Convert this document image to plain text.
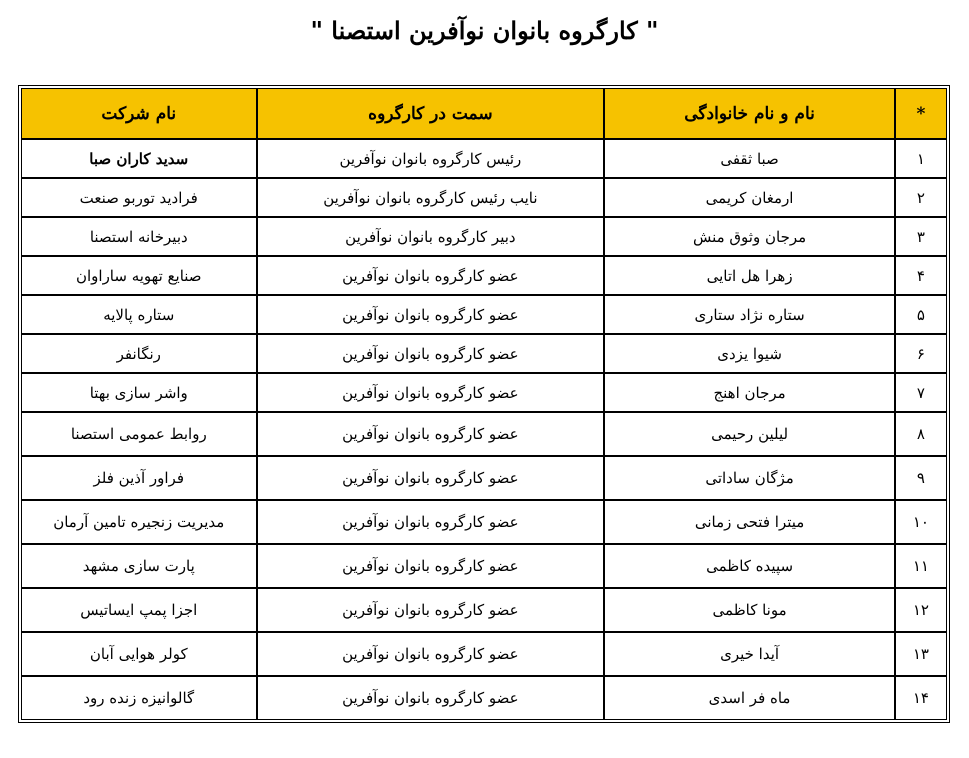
" کارگروه بانوان نوآفرین استصنا "
*	نام و نام خانوادگی	سمت در کارگروه	نام شرکت
۱	صبا ثقفی	رئیس کارگروه بانوان نوآفرین	سدید کاران صبا
۲	ارمغان کریمی	نایب رئیس کارگروه بانوان نوآفرین	فرادید توربو صنعت
۳	مرجان وثوق منش	دبیر کارگروه بانوان نوآفرین	دبیرخانه استصنا
۴	زهرا هل اتایی	عضو کارگروه بانوان نوآفرین	صنایع تهویه ساراوان
۵	ستاره نژاد ستاری	عضو کارگروه بانوان نوآفرین	ستاره پالایه
۶	شیوا یزدی	عضو کارگروه بانوان نوآفرین	رنگانفر
۷	مرجان اهنج	عضو کارگروه بانوان نوآفرین	واشر سازی بهتا
۸	لیلین رحیمی	عضو کارگروه بانوان نوآفرین	روابط عمومی استصنا
۹	مژگان ساداتی	عضو کارگروه بانوان نوآفرین	فراور آذین فلز
۱۰	میترا فتحی زمانی	عضو کارگروه بانوان نوآفرین	مدیریت زنجیره تامین آرمان
۱۱	سپیده کاظمی	عضو کارگروه بانوان نوآفرین	پارت سازی مشهد
۱۲	مونا کاظمی	عضو کارگروه بانوان نوآفرین	اجزا پمپ ایساتیس
۱۳	آیدا خیری	عضو کارگروه بانوان نوآفرین	کولر هوایی آبان
۱۴	ماه فر اسدی	عضو کارگروه بانوان نوآفرین	گالوانیزه زنده رود
